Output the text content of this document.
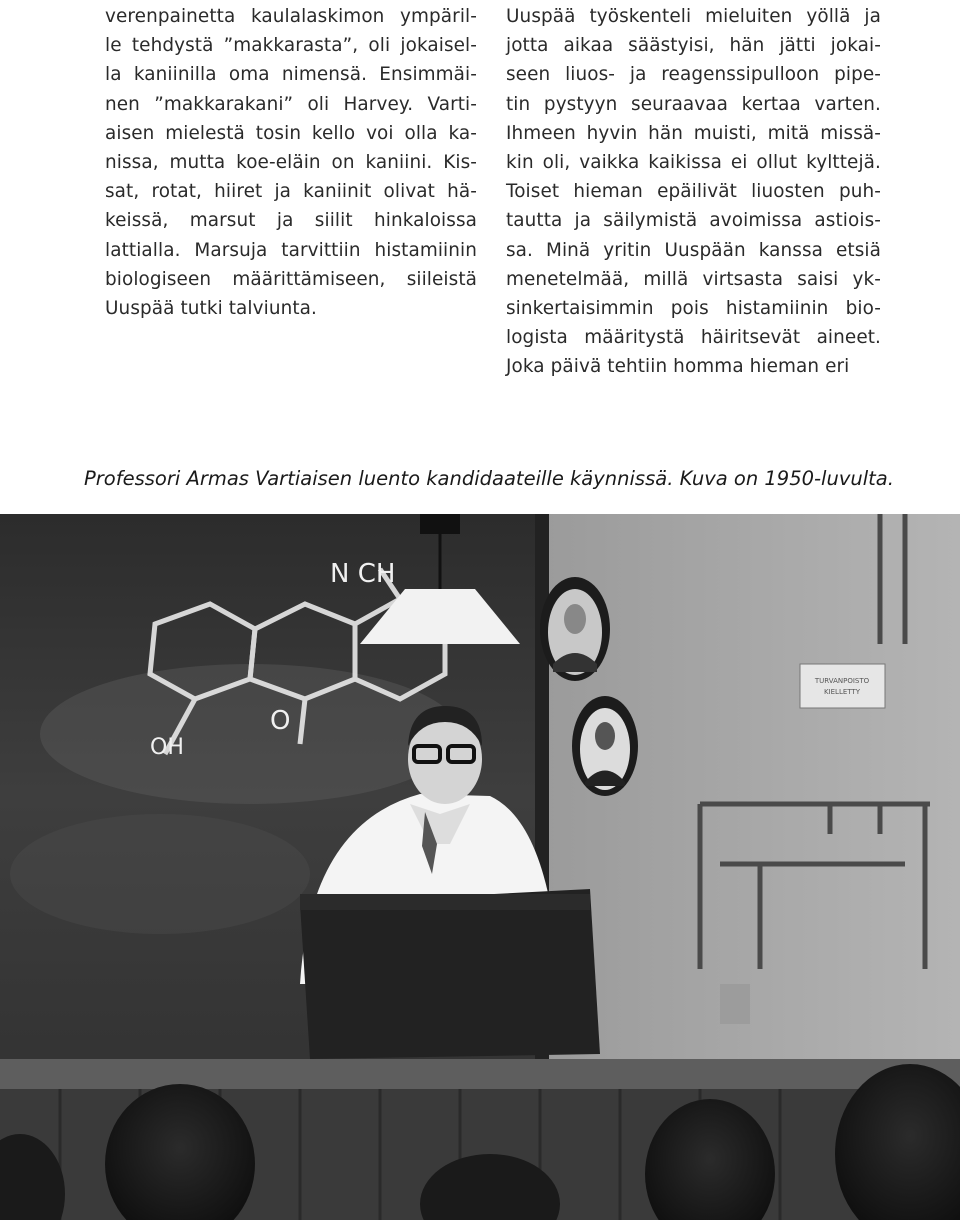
verenpainetta kaulalaskimon ympäril-
le tehdystä ”makkarasta”, oli jokaisel-
la kaniinilla oma nimensä. Ensimmäi-
nen ”makkarakani” oli Harvey. Varti-
aisen mielestä tosin kello voi olla ka-
nissa, mutta koe-eläin on kaniini. Kis-
sat, rotat, hiiret ja kaniinit olivat hä-
keissä, marsut ja siilit hinkaloissa
lattialla. Marsuja tarvittiin histamiinin
biologiseen määrittämiseen, siileistä
Uuspää tutki talviunta.
Uuspää työskenteli mieluiten yöllä ja
jotta aikaa säästyisi, hän jätti jokai-
seen liuos- ja reagenssipulloon pipe-
tin pystyyn seuraavaa kertaa varten.
Ihmeen hyvin hän muisti, mitä missä-
kin oli, vaikka kaikissa ei ollut kylttejä.
Toiset hieman epäilivät liuosten puh-
tautta ja säilymistä avoimissa astiois-
sa. Minä yritin Uuspään kanssa etsiä
menetelmää, millä virtsasta saisi yk-
sinkertaisimmin pois histamiinin bio-
logista määritystä häiritsevät aineet.
Joka päivä tehtiin homma hieman eri
Professori Armas Vartiaisen luento kandidaateille käynnissä. Kuva on 1950-luvulta.
N CH
OH
O
TURVANPOISTO
KIELLETTY
